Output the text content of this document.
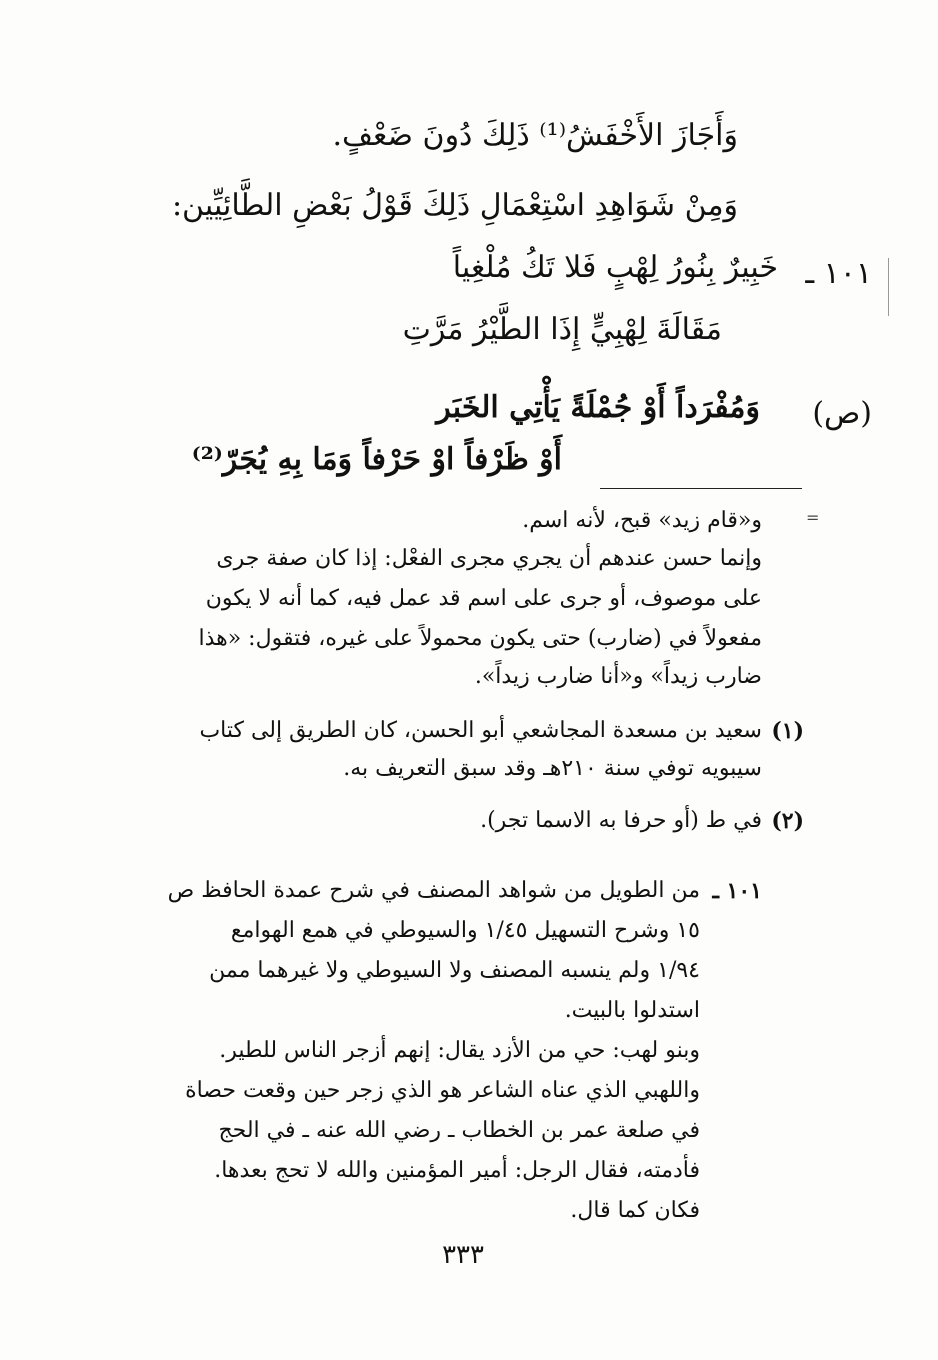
وَأَجَازَ الأَخْفَشُ⁽¹⁾ ذَلِكَ دُونَ ضَعْفٍ.
وَمِنْ شَوَاهِدِ اسْتِعْمَالِ ذَلِكَ قَوْلُ بَعْضِ الطَّائِيِّين:
١٠١ ـ
خَبِيرٌ بِنُورُ لِهْبٍ فَلا تَكُ مُلْغِياً
مَقَالَةَ لِهْبِيٍّ إِذَا الطَّيْرُ مَرَّتِ
(ص)
وَمُفْرَداً أَوْ جُمْلَةً يَأْتِي الخَبَر
أَوْ ظَرْفاً اوْ حَرْفاً وَمَا بِهِ يُجَرّ⁽²⁾
=
و«قام زيد» قبح، لأنه اسم.
وإنما حسن عندهم أن يجري مجرى الفعْل: إذا كان صفة جرى
على موصوف، أو جرى على اسم قد عمل فيه، كما أنه لا يكون
مفعولاً في (ضارب) حتى يكون محمولاً على غيره، فتقول: «هذا
ضارب زيداً» و«أنا ضارب زيداً».
(١)
سعيد بن مسعدة المجاشعي أبو الحسن، كان الطريق إلى كتاب
سيبويه توفي سنة ٢١٠هـ وقد سبق التعريف به.
(٢)
في ط (أو حرفا به الاسما تجر).
١٠١ ـ
من الطويل من شواهد المصنف في شرح عمدة الحافظ ص
١٥ وشرح التسهيل ١/٤٥ والسيوطي في همع الهوامع
١/٩٤ ولم ينسبه المصنف ولا السيوطي ولا غيرهما ممن
استدلوا بالبيت.
وبنو لهب: حي من الأزد يقال: إنهم أزجر الناس للطير.
واللهبي الذي عناه الشاعر هو الذي زجر حين وقعت حصاة
في صلعة عمر بن الخطاب ـ رضي الله عنه ـ في الحج
فأدمته، فقال الرجل: أمير المؤمنين والله لا تحج بعدها.
فكان كما قال.
٣٣٣
